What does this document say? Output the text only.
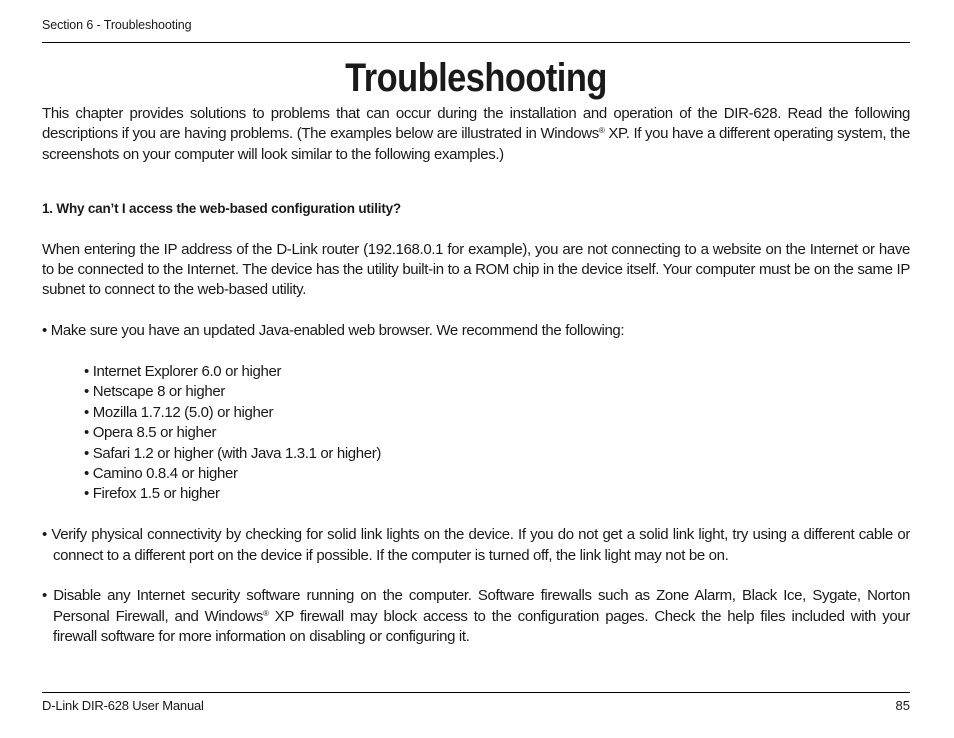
Section 6 - Troubleshooting
Troubleshooting

This chapter provides solutions to problems that can occur during the installation and operation of the DIR-628. Read the following descriptions if you are having problems. (The examples below are illustrated in Windows® XP. If you have a different operating system, the screenshots on your computer will look similar to the following examples.)

1. Why can’t I access the web-based configuration utility?

When entering the IP address of the D-Link router (192.168.0.1 for example), you are not connecting to a website on the Internet or have to be connected to the Internet. The device has the utility built-in to a ROM chip in the device itself. Your computer must be on the same IP subnet to connect to the web-based utility.

• Make sure you have an updated Java-enabled web browser. We recommend the following:

• Internet Explorer 6.0 or higher

• Netscape 8 or higher

• Mozilla 1.7.12 (5.0) or higher

• Opera 8.5 or higher

• Safari 1.2 or higher (with Java 1.3.1 or higher)

• Camino 0.8.4 or higher

• Firefox 1.5 or higher

• Verify physical connectivity by checking for solid link lights on the device. If you do not get a solid link light, try using a different cable or connect to a different port on the device if possible. If the computer is turned off, the link light may not be on.

• Disable any Internet security software running on the computer. Software firewalls such as Zone Alarm, Black Ice, Sygate, Norton Personal Firewall, and Windows® XP firewall may block access to the configuration pages. Check the help files included with your firewall software for more information on disabling or configuring it.

D-Link DIR-628 User Manual	85
